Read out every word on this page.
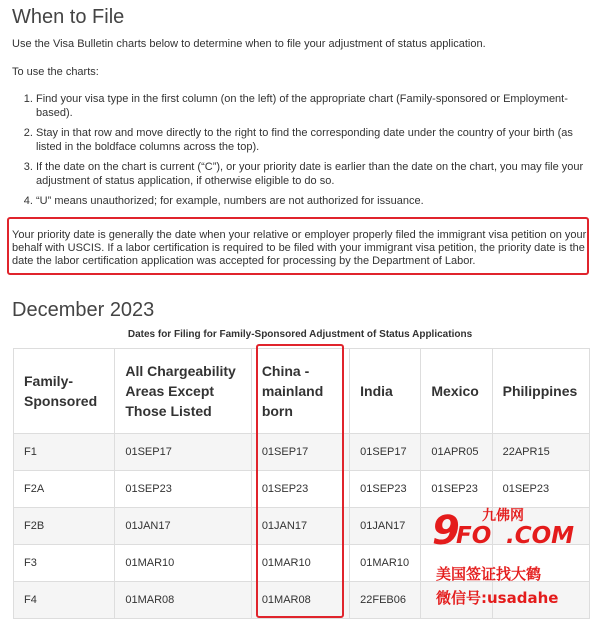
When to File
Use the Visa Bulletin charts below to determine when to file your adjustment of status application.
To use the charts:
1. Find your visa type in the first column (on the left) of the appropriate chart (Family-sponsored or Employment-based).
2. Stay in that row and move directly to the right to find the corresponding date under the country of your birth (as listed in the boldface columns across the top).
3. If the date on the chart is current (“C”), or your priority date is earlier than the date on the chart, you may file your adjustment of status application, if otherwise eligible to do so.
4. “U” means unauthorized; for example, numbers are not authorized for issuance.
Your priority date is generally the date when your relative or employer properly filed the immigrant visa petition on your behalf with USCIS. If a labor certification is required to be filed with your immigrant visa petition, the priority date is the date the labor certification application was accepted for processing by the Department of Labor.
December 2023
Dates for Filing for Family-Sponsored Adjustment of Status Applications
Family-Sponsored	All Chargeability Areas Except Those Listed	China - mainland born	India	Mexico	Philippines
F1	01SEP17	01SEP17	01SEP17	01APR05	22APR15
F2A	01SEP23	01SEP23	01SEP23	01SEP23	01SEP23
F2B	01JAN17	01JAN17	01JAN17		
F3	01MAR10	01MAR10	01MAR10		
F4	01MAR08	01MAR08	22FEB06		
9
FO .COM
九佛网
美国签证找大鹤
微信号:usadahe
